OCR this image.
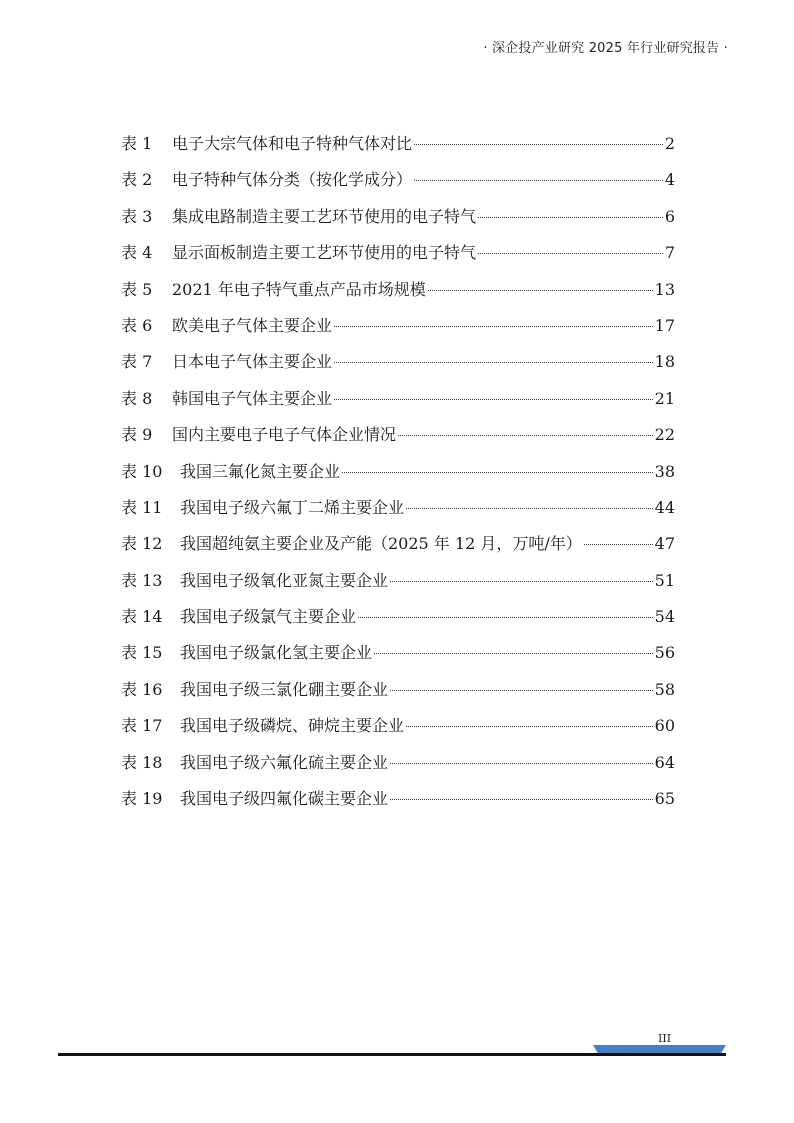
· 深企投产业研究 2025 年行业研究报告 ·
表 1	电子大宗气体和电子特种气体对比	2
表 2	电子特种气体分类（按化学成分）	4
表 3	集成电路制造主要工艺环节使用的电子特气	6
表 4	显示面板制造主要工艺环节使用的电子特气	7
表 5	2021 年电子特气重点产品市场规模	13
表 6	欧美电子气体主要企业	17
表 7	日本电子气体主要企业	18
表 8	韩国电子气体主要企业	21
表 9	国内主要电子电子气体企业情况	22
表 10	我国三氟化氮主要企业	38
表 11	我国电子级六氟丁二烯主要企业	44
表 12	我国超纯氨主要企业及产能（2025 年 12 月，万吨/年）	47
表 13	我国电子级氧化亚氮主要企业	51
表 14	我国电子级氯气主要企业	54
表 15	我国电子级氯化氢主要企业	56
表 16	我国电子级三氯化硼主要企业	58
表 17	我国电子级磷烷、砷烷主要企业	60
表 18	我国电子级六氟化硫主要企业	64
表 19	我国电子级四氟化碳主要企业	65
III
